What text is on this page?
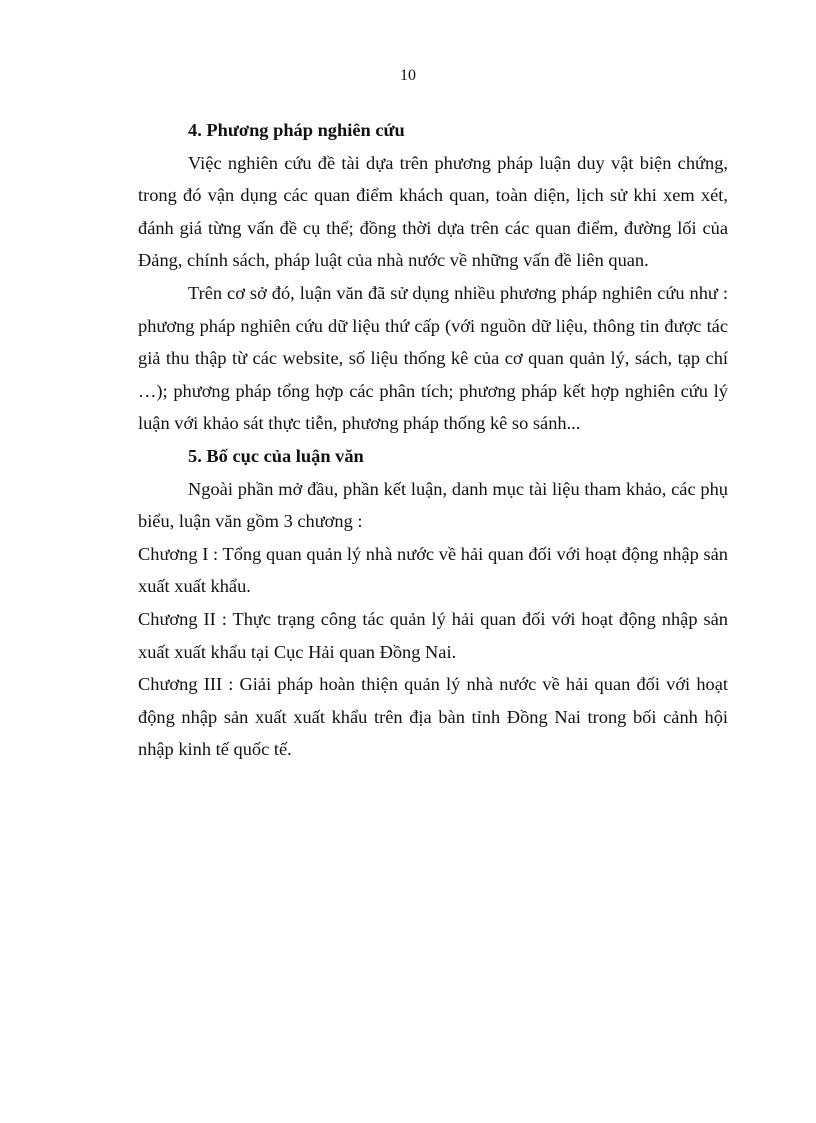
10

4. Phương pháp nghiên cứu

Việc nghiên cứu đề tài dựa trên phương pháp luận duy vật biện chứng, trong đó vận dụng các quan điểm khách quan, toàn diện, lịch sử khi xem xét, đánh giá từng vấn đề cụ thể; đồng thời dựa trên các quan điểm, đường lối của Đảng, chính sách, pháp luật của nhà nước về những vấn đề liên quan.

Trên cơ sở đó, luận văn đã sử dụng nhiều phương pháp nghiên cứu như : phương pháp nghiên cứu dữ liệu thứ cấp (với nguồn dữ liệu, thông tin được tác giả thu thập từ các website, số liệu thống kê của cơ quan quản lý, sách, tạp chí …); phương pháp tổng hợp các phân tích; phương pháp kết hợp nghiên cứu lý luận với khảo sát thực tiễn, phương pháp thống kê so sánh...

5. Bố cục của luận văn

Ngoài phần mở đầu, phần kết luận, danh mục tài liệu tham khảo, các phụ biểu, luận văn gồm 3 chương :

Chương I : Tổng quan quản lý nhà nước về hải quan đối với hoạt động nhập sản xuất xuất khẩu.

Chương II : Thực trạng công tác quản lý hải quan đối với hoạt động nhập sản xuất xuất khẩu tại Cục Hải quan Đồng Nai.

Chương III : Giải pháp hoàn thiện quản lý nhà nước về hải quan đối với hoạt động nhập sản xuất xuất khẩu trên địa bàn tỉnh Đồng Nai trong bối cảnh hội nhập kinh tế quốc tế.
